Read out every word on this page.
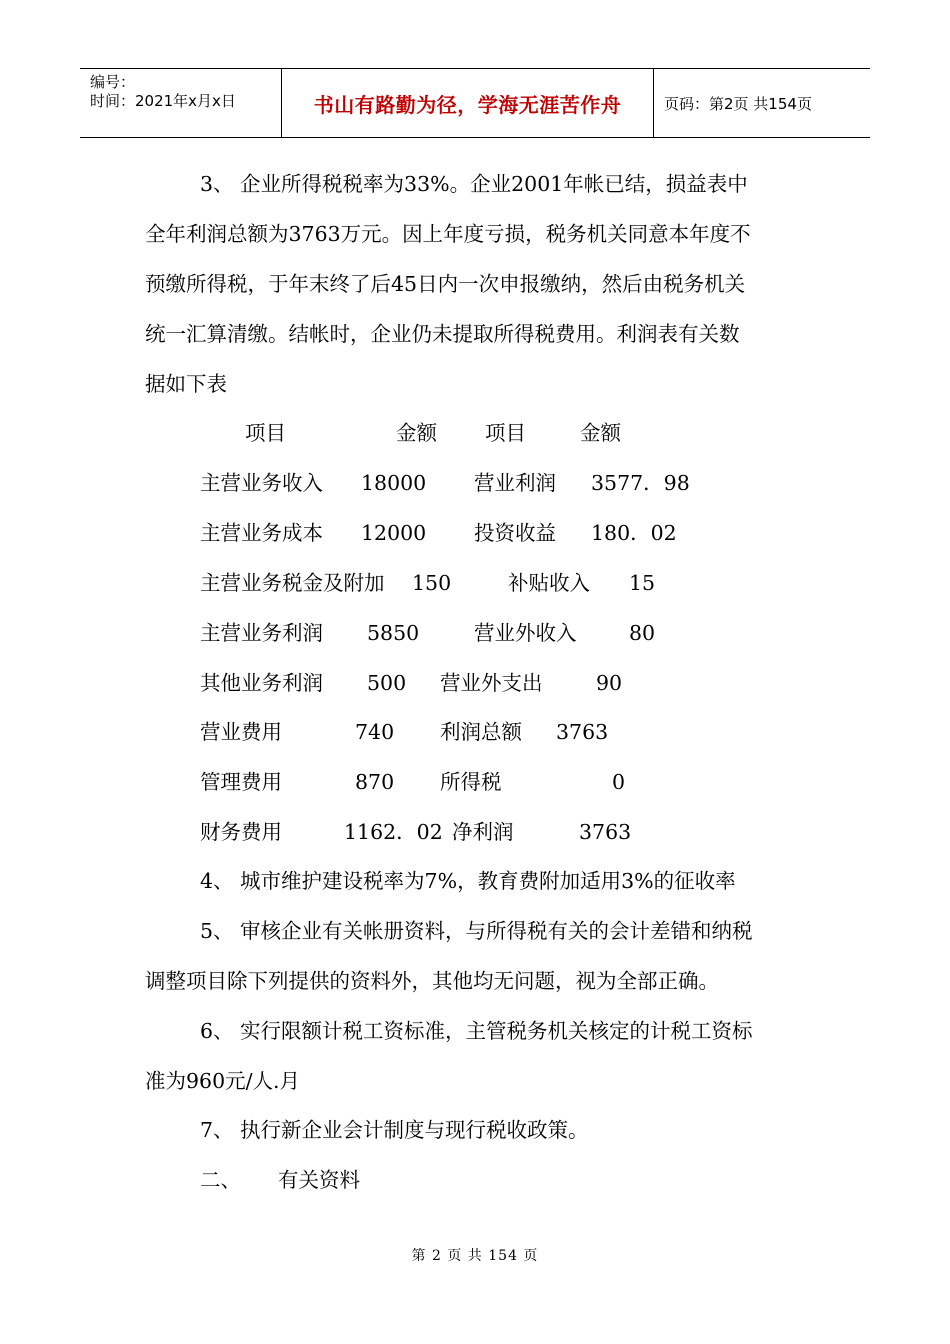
编号：
时间：2021年x月x日	书山有路勤为径，学海无涯苦作舟	页码：第2页 共154页
3、 企业所得税税率为33%。企业2001年帐已结，损益表中
全年利润总额为3763万元。因上年度亏损，税务机关同意本年度不
预缴所得税，于年末终了后45日内一次申报缴纳，然后由税务机关
统一汇算清缴。结帐时，企业仍未提取所得税费用。利润表有关数
据如下表
项目	金额 项目	金额
主营业务收入 18000 营业利润 3577．98
主营业务成本 12000 投资收益 180．02
主营业务税金及附加 150	补贴收入 15
主营业务利润 5850	营业外收入	80
其他业务利润 500 营业外支出	90
营业费用	740 利润总额 3763
管理费用	870 所得税	0
财务费用	1162．02 净利润	3763
4、 城市维护建设税率为7%，教育费附加适用3%的征收率
5、 审核企业有关帐册资料，与所得税有关的会计差错和纳税
调整项目除下列提供的资料外，其他均无问题，视为全部正确。
6、 实行限额计税工资标准，主管税务机关核定的计税工资标
准为960元/人.月
7、 执行新企业会计制度与现行税收政策。
二、 有关资料
第 2 页 共 154 页
